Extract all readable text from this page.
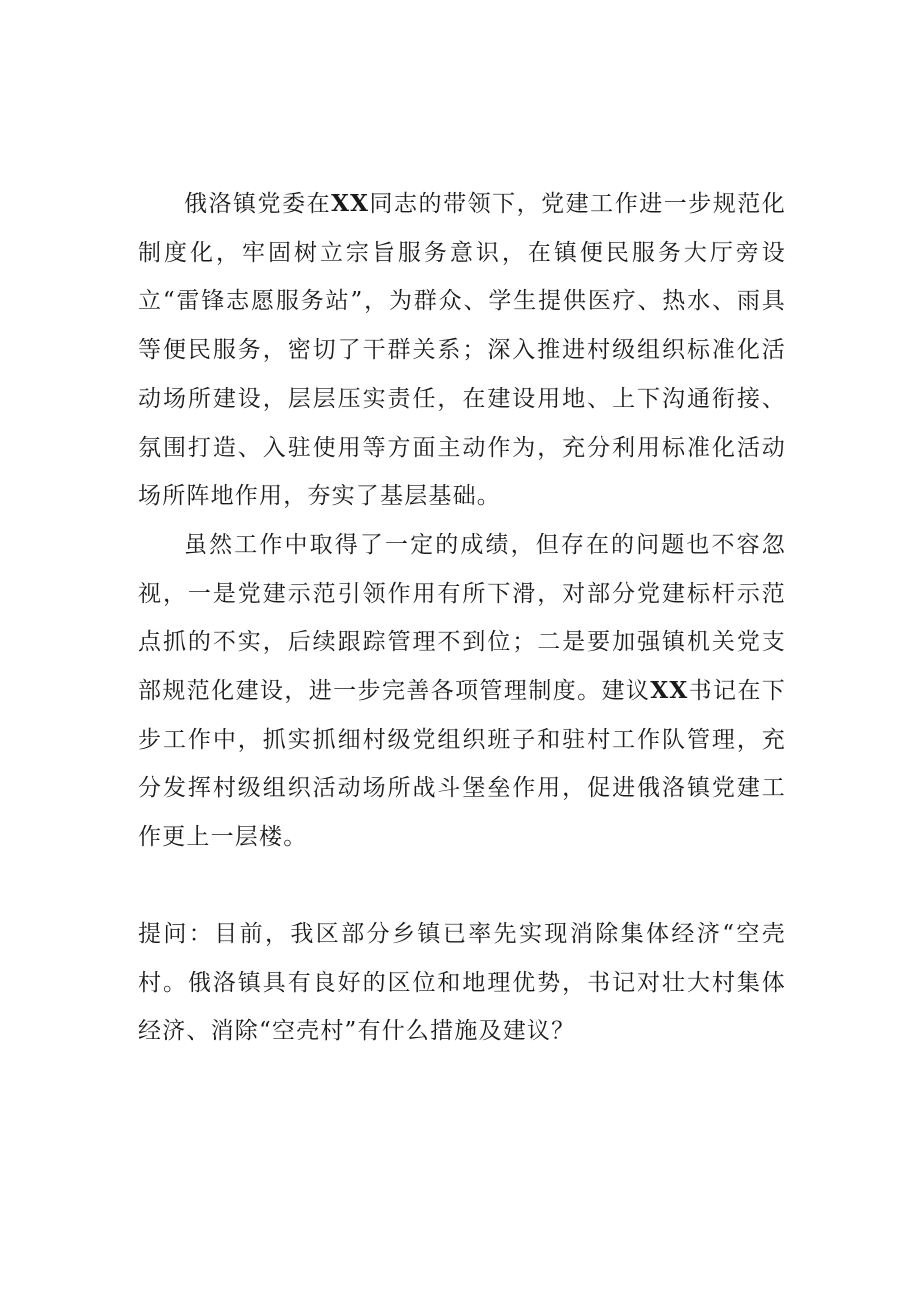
俄洛镇党委在XX同志的带领下，党建工作进一步规范化制度化，牢固树立宗旨服务意识，在镇便民服务大厅旁设立“雷锋志愿服务站”，为群众、学生提供医疗、热水、雨具等便民服务，密切了干群关系；深入推进村级组织标准化活动场所建设，层层压实责任，在建设用地、上下沟通衔接、氛围打造、入驻使用等方面主动作为，充分利用标准化活动场所阵地作用，夯实了基层基础。

虽然工作中取得了一定的成绩，但存在的问题也不容忽视，一是党建示范引领作用有所下滑，对部分党建标杆示范点抓的不实，后续跟踪管理不到位；二是要加强镇机关党支部规范化建设，进一步完善各项管理制度。建议XX书记在下步工作中，抓实抓细村级党组织班子和驻村工作队管理，充分发挥村级组织活动场所战斗堡垒作用，促进俄洛镇党建工作更上一层楼。

提问：目前，我区部分乡镇已率先实现消除集体经济“空壳村。俄洛镇具有良好的区位和地理优势，书记对壮大村集体经济、消除“空壳村”有什么措施及建议？
